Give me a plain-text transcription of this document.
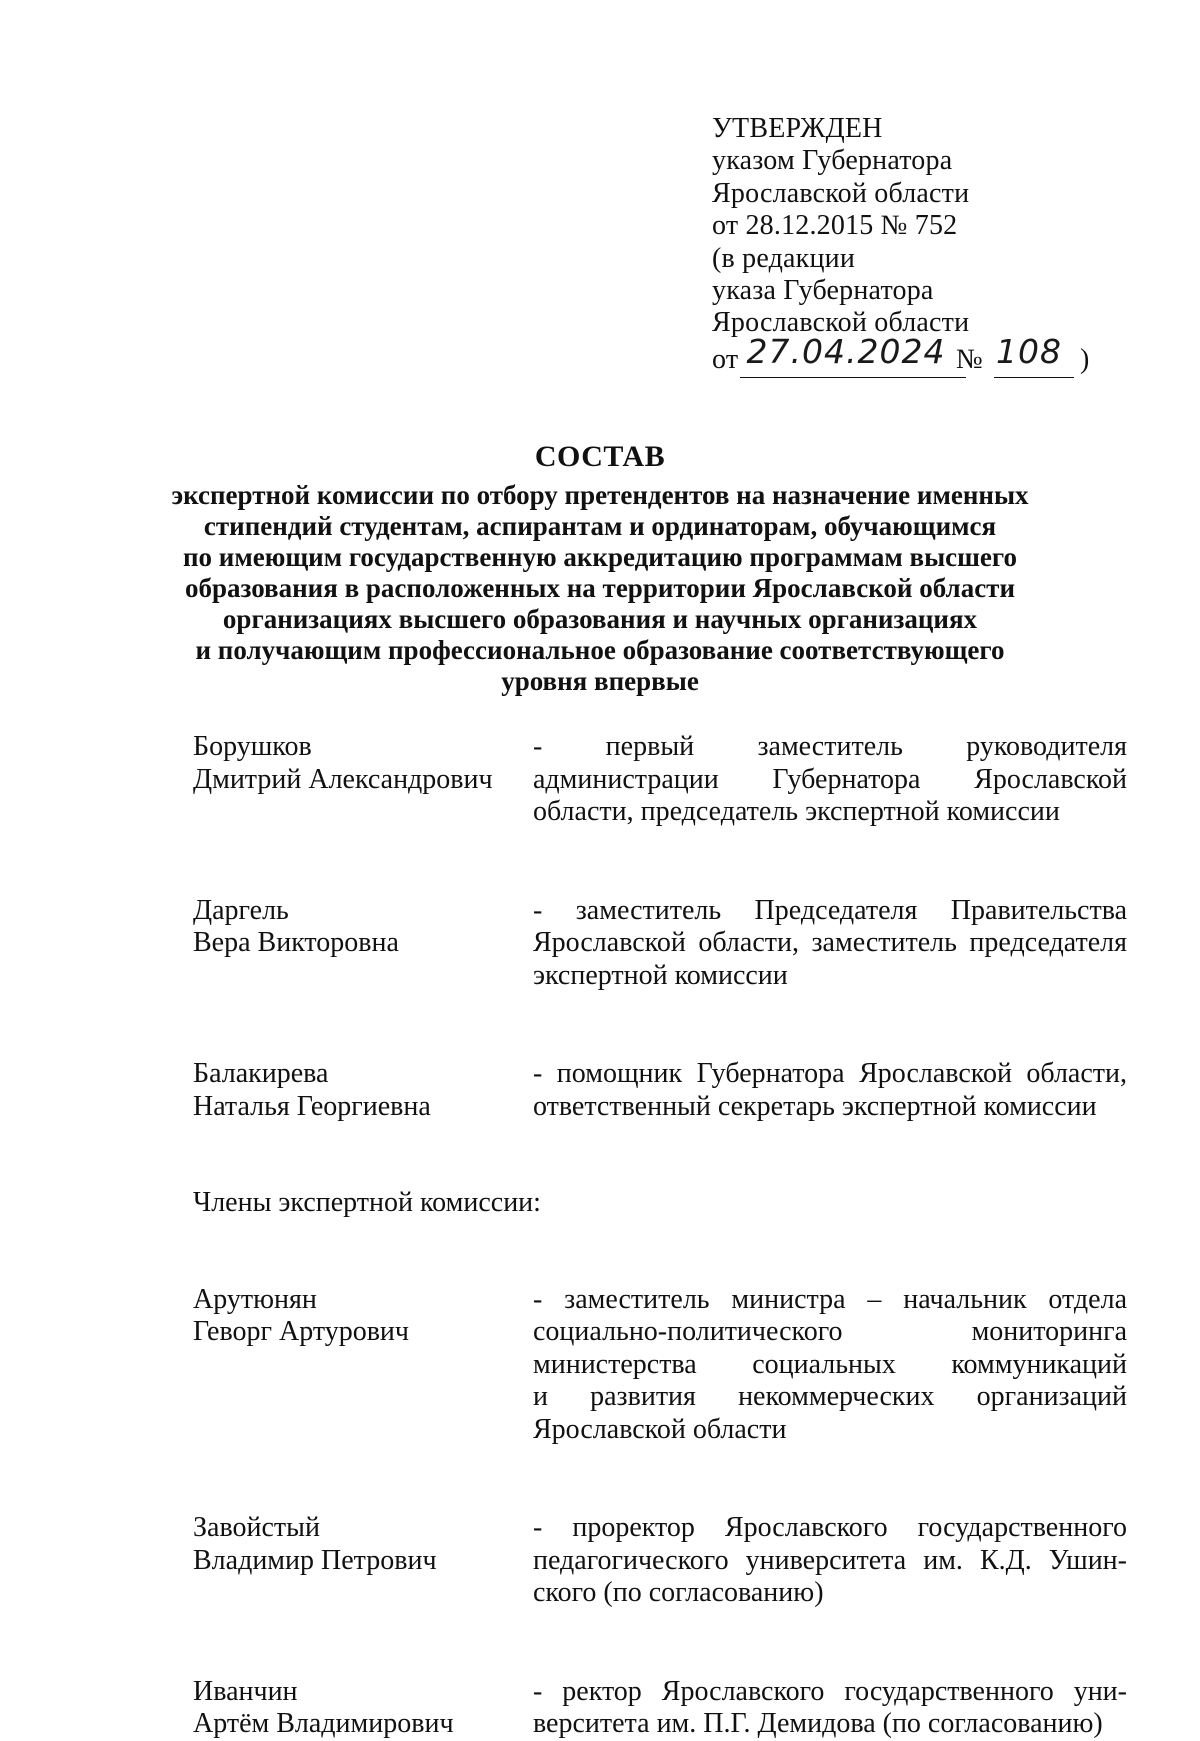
УТВЕРЖДЕН
указом Губернатора
Ярославской области
от 28.12.2015 № 752
(в редакции
указа Губернатора
Ярославской области
от 27.04.2024 № 108 )
СОСТАВ
экспертной комиссии по отбору претендентов на назначение именных
стипендий студентам, аспирантам и ординаторам, обучающимся
по имеющим государственную аккредитацию программам высшего
образования в расположенных на территории Ярославской области
организациях высшего образования и научных организациях
и получающим профессиональное образование соответствующего
уровня впервые
Борушков
Дмитрий Александрович
- первый заместитель руководителя
администрации Губернатора Ярославской
области, председатель экспертной комиссии
Даргель
Вера Викторовна
- заместитель Председателя Правительства
Ярославской области, заместитель председателя
экспертной комиссии
Балакирева
Наталья Георгиевна
- помощник Губернатора Ярославской области,
ответственный секретарь экспертной комиссии
Члены экспертной комиссии:
Арутюнян
Геворг Артурович
- заместитель министра – начальник отдела
социально-политического мониторинга
министерства социальных коммуникаций
и развития некоммерческих организаций
Ярославской области
Завойстый
Владимир Петрович
- проректор Ярославского государственного
педагогического университета им. К.Д. Ушин-
ского (по согласованию)
Иванчин
Артём Владимирович
- ректор Ярославского государственного уни-
верситета им. П.Г. Демидова (по согласованию)
